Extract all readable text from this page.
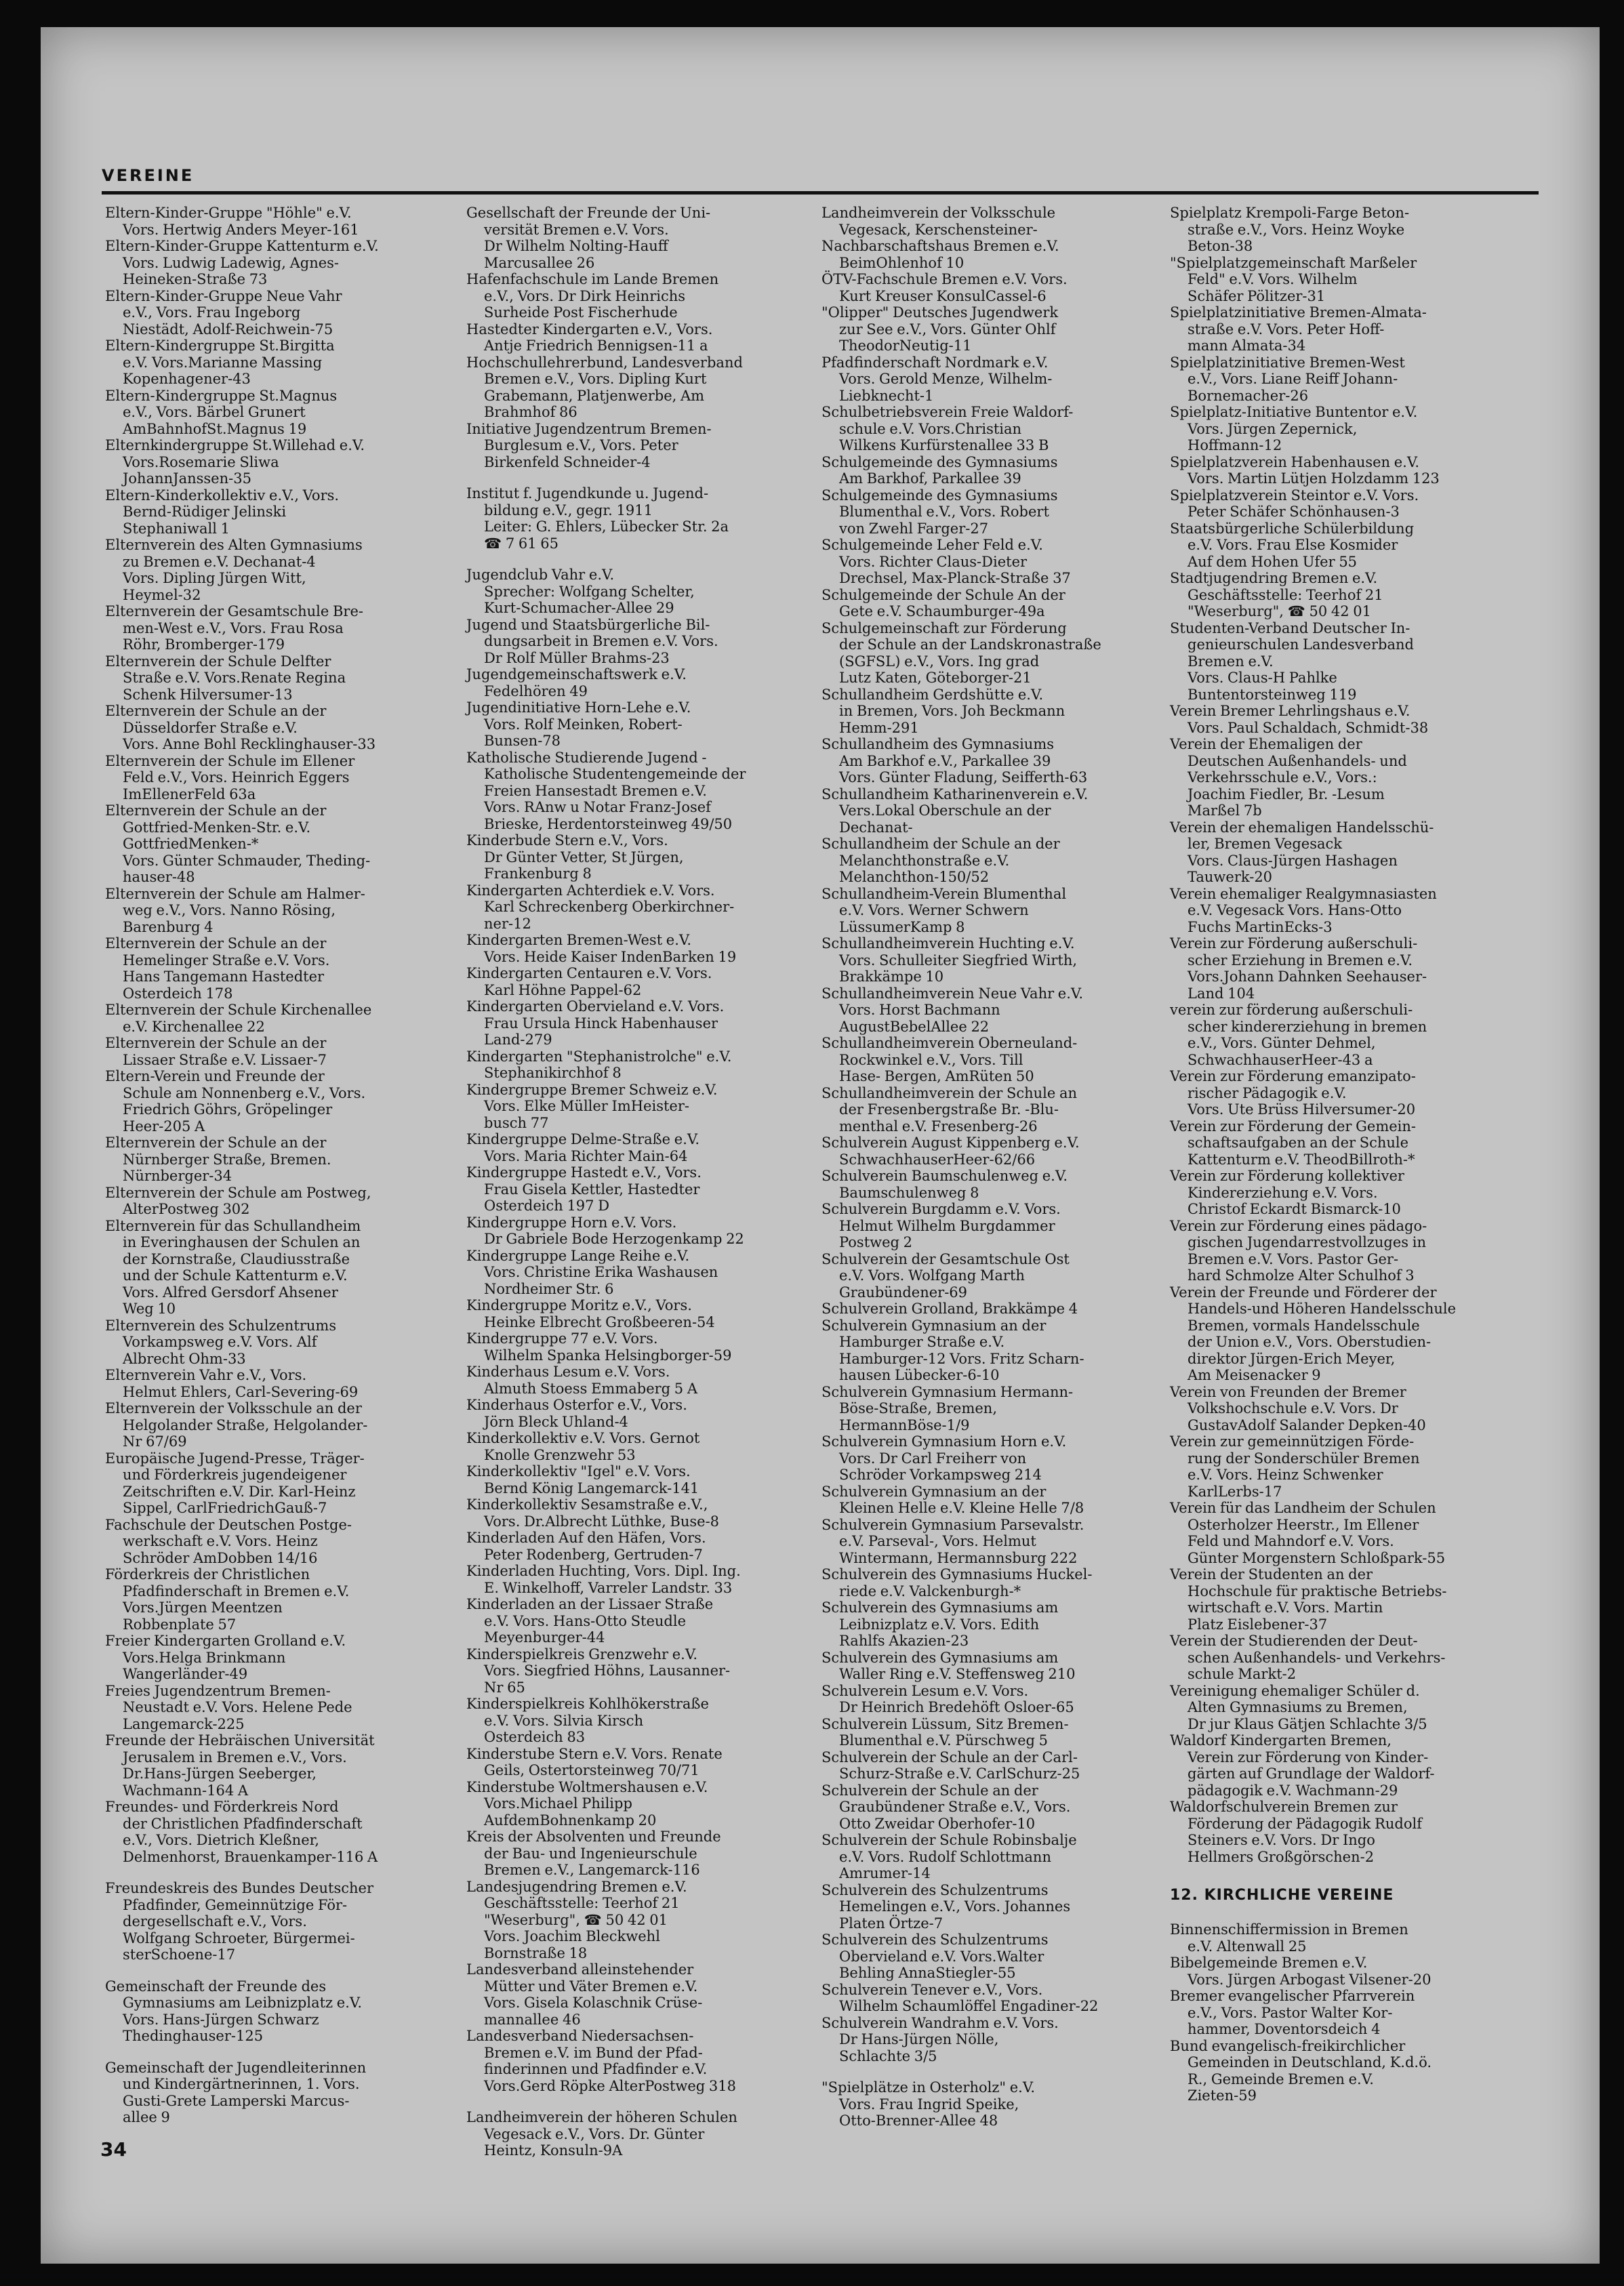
VEREINE
Eltern-Kinder-Gruppe "Höhle" e.V.
Vors. Hertwig Anders Meyer-161
Eltern-Kinder-Gruppe Kattenturm e.V.
Vors. Ludwig Ladewig, Agnes-
Heineken-Straße 73
Eltern-Kinder-Gruppe Neue Vahr
e.V., Vors. Frau Ingeborg
Niestädt, Adolf-Reichwein-75
Eltern-Kindergruppe St.Birgitta
e.V. Vors.Marianne Massing
Kopenhagener-43
Eltern-Kindergruppe St.Magnus
e.V., Vors. Bärbel Grunert
AmBahnhofSt.Magnus 19
Elternkindergruppe St.Willehad e.V.
Vors.Rosemarie Sliwa
JohannJanssen-35
Eltern-Kinderkollektiv e.V., Vors.
Bernd-Rüdiger Jelinski
Stephaniwall 1
Elternverein des Alten Gymnasiums
zu Bremen e.V. Dechanat-4
Vors. Dipling Jürgen Witt,
Heymel-32
Elternverein der Gesamtschule Bre-
men-West e.V., Vors. Frau Rosa
Röhr, Bromberger-179
Elternverein der Schule Delfter
Straße e.V. Vors.Renate Regina
Schenk Hilversumer-13
Elternverein der Schule an der
Düsseldorfer Straße e.V.
Vors. Anne Bohl Recklinghauser-33
Elternverein der Schule im Ellener
Feld e.V., Vors. Heinrich Eggers
ImEllenerFeld 63a
Elternverein der Schule an der
Gottfried-Menken-Str. e.V.
GottfriedMenken-*
Vors. Günter Schmauder, Theding-
hauser-48
Elternverein der Schule am Halmer-
weg e.V., Vors. Nanno Rösing,
Barenburg 4
Elternverein der Schule an der
Hemelinger Straße e.V. Vors.
Hans Tangemann Hastedter
Osterdeich 178
Elternverein der Schule Kirchenallee
e.V. Kirchenallee 22
Elternverein der Schule an der
Lissaer Straße e.V. Lissaer-7
Eltern-Verein und Freunde der
Schule am Nonnenberg e.V., Vors.
Friedrich Göhrs, Gröpelinger
Heer-205 A
Elternverein der Schule an der
Nürnberger Straße, Bremen.
Nürnberger-34
Elternverein der Schule am Postweg,
AlterPostweg 302
Elternverein für das Schullandheim
in Everinghausen der Schulen an
der Kornstraße, Claudiusstraße
und der Schule Kattenturm e.V.
Vors. Alfred Gersdorf Ahsener
Weg 10
Elternverein des Schulzentrums
Vorkampsweg e.V. Vors. Alf
Albrecht Ohm-33
Elternverein Vahr e.V., Vors.
Helmut Ehlers, Carl-Severing-69
Elternverein der Volksschule an der
Helgolander Straße, Helgolander-
Nr 67/69
Europäische Jugend-Presse, Träger-
und Förderkreis jugendeigener
Zeitschriften e.V. Dir. Karl-Heinz
Sippel, CarlFriedrichGauß-7
Fachschule der Deutschen Postge-
werkschaft e.V. Vors. Heinz
Schröder AmDobben 14/16
Förderkreis der Christlichen
Pfadfinderschaft in Bremen e.V.
Vors.Jürgen Meentzen
Robbenplate 57
Freier Kindergarten Grolland e.V.
Vors.Helga Brinkmann
Wangerländer-49
Freies Jugendzentrum Bremen-
Neustadt e.V. Vors. Helene Pede
Langemarck-225
Freunde der Hebräischen Universität
Jerusalem in Bremen e.V., Vors.
Dr.Hans-Jürgen Seeberger,
Wachmann-164 A
Freundes- und Förderkreis Nord
der Christlichen Pfadfinderschaft
e.V., Vors. Dietrich Kleßner,
Delmenhorst, Brauenkamper-116 A
Freundeskreis des Bundes Deutscher
Pfadfinder, Gemeinnützige För-
dergesellschaft e.V., Vors.
Wolfgang Schroeter, Bürgermei-
sterSchoene-17
Gemeinschaft der Freunde des
Gymnasiums am Leibnizplatz e.V.
Vors. Hans-Jürgen Schwarz
Thedinghauser-125
Gemeinschaft der Jugendleiterinnen
und Kindergärtnerinnen, 1. Vors.
Gusti-Grete Lamperski Marcus-
allee 9
Gesellschaft der Freunde der Uni-
versität Bremen e.V. Vors.
Dr Wilhelm Nolting-Hauff
Marcusallee 26
Hafenfachschule im Lande Bremen
e.V., Vors. Dr Dirk Heinrichs
Surheide Post Fischerhude
Hastedter Kindergarten e.V., Vors.
Antje Friedrich Bennigsen-11 a
Hochschullehrerbund, Landesverband
Bremen e.V., Vors. Dipling Kurt
Grabemann, Platjenwerbe, Am
Brahmhof 86
Initiative Jugendzentrum Bremen-
Burglesum e.V., Vors. Peter
Birkenfeld Schneider-4
Institut f. Jugendkunde u. Jugend-
bildung e.V., gegr. 1911
Leiter: G. Ehlers, Lübecker Str. 2a
☎ 7 61 65
Jugendclub Vahr e.V.
Sprecher: Wolfgang Schelter,
Kurt-Schumacher-Allee 29
Jugend und Staatsbürgerliche Bil-
dungsarbeit in Bremen e.V. Vors.
Dr Rolf Müller Brahms-23
Jugendgemeinschaftswerk e.V.
Fedelhören 49
Jugendinitiative Horn-Lehe e.V.
Vors. Rolf Meinken, Robert-
Bunsen-78
Katholische Studierende Jugend -
Katholische Studentengemeinde der
Freien Hansestadt Bremen e.V.
Vors. RAnw u Notar Franz-Josef
Brieske, Herdentorsteinweg 49/50
Kinderbude Stern e.V., Vors.
Dr Günter Vetter, St Jürgen,
Frankenburg 8
Kindergarten Achterdiek e.V. Vors.
Karl Schreckenberg Oberkirchner-
ner-12
Kindergarten Bremen-West e.V.
Vors. Heide Kaiser IndenBarken 19
Kindergarten Centauren e.V. Vors.
Karl Höhne Pappel-62
Kindergarten Obervieland e.V. Vors.
Frau Ursula Hinck Habenhauser
Land-279
Kindergarten "Stephanistrolche" e.V.
Stephanikirchhof 8
Kindergruppe Bremer Schweiz e.V.
Vors. Elke Müller ImHeister-
busch 77
Kindergruppe Delme-Straße e.V.
Vors. Maria Richter Main-64
Kindergruppe Hastedt e.V., Vors.
Frau Gisela Kettler, Hastedter
Osterdeich 197 D
Kindergruppe Horn e.V. Vors.
Dr Gabriele Bode Herzogenkamp 22
Kindergruppe Lange Reihe e.V.
Vors. Christine Erika Washausen
Nordheimer Str. 6
Kindergruppe Moritz e.V., Vors.
Heinke Elbrecht Großbeeren-54
Kindergruppe 77 e.V. Vors.
Wilhelm Spanka Helsingborger-59
Kinderhaus Lesum e.V. Vors.
Almuth Stoess Emmaberg 5 A
Kinderhaus Osterfor e.V., Vors.
Jörn Bleck Uhland-4
Kinderkollektiv e.V. Vors. Gernot
Knolle Grenzwehr 53
Kinderkollektiv "Igel" e.V. Vors.
Bernd König Langemarck-141
Kinderkollektiv Sesamstraße e.V.,
Vors. Dr.Albrecht Lüthke, Buse-8
Kinderladen Auf den Häfen, Vors.
Peter Rodenberg, Gertruden-7
Kinderladen Huchting, Vors. Dipl. Ing.
E. Winkelhoff, Varreler Landstr. 33
Kinderladen an der Lissaer Straße
e.V. Vors. Hans-Otto Steudle
Meyenburger-44
Kinderspielkreis Grenzwehr e.V.
Vors. Siegfried Höhns, Lausanner-
Nr 65
Kinderspielkreis Kohlhökerstraße
e.V. Vors. Silvia Kirsch
Osterdeich 83
Kinderstube Stern e.V. Vors. Renate
Geils, Ostertorsteinweg 70/71
Kinderstube Woltmershausen e.V.
Vors.Michael Philipp
AufdemBohnenkamp 20
Kreis der Absolventen und Freunde
der Bau- und Ingenieurschule
Bremen e.V., Langemarck-116
Landesjugendring Bremen e.V.
Geschäftsstelle: Teerhof 21
"Weserburg", ☎ 50 42 01
Vors. Joachim Bleckwehl
Bornstraße 18
Landesverband alleinstehender
Mütter und Väter Bremen e.V.
Vors. Gisela Kolaschnik Crüse-
mannallee 46
Landesverband Niedersachsen-
Bremen e.V. im Bund der Pfad-
finderinnen und Pfadfinder e.V.
Vors.Gerd Röpke AlterPostweg 318
Landheimverein der höheren Schulen
Vegesack e.V., Vors. Dr. Günter
Heintz, Konsuln-9A
Landheimverein der Volksschule
Vegesack, Kerschensteiner-
Nachbarschaftshaus Bremen e.V.
BeimOhlenhof 10
ÖTV-Fachschule Bremen e.V. Vors.
Kurt Kreuser KonsulCassel-6
"Olipper" Deutsches Jugendwerk
zur See e.V., Vors. Günter Ohlf
TheodorNeutig-11
Pfadfinderschaft Nordmark e.V.
Vors. Gerold Menze, Wilhelm-
Liebknecht-1
Schulbetriebsverein Freie Waldorf-
schule e.V. Vors.Christian
Wilkens Kurfürstenallee 33 B
Schulgemeinde des Gymnasiums
Am Barkhof, Parkallee 39
Schulgemeinde des Gymnasiums
Blumenthal e.V., Vors. Robert
von Zwehl Farger-27
Schulgemeinde Leher Feld e.V.
Vors. Richter Claus-Dieter
Drechsel, Max-Planck-Straße 37
Schulgemeinde der Schule An der
Gete e.V. Schaumburger-49a
Schulgemeinschaft zur Förderung
der Schule an der Landskronastraße
(SGFSL) e.V., Vors. Ing grad
Lutz Katen, Göteborger-21
Schullandheim Gerdshütte e.V.
in Bremen, Vors. Joh Beckmann
Hemm-291
Schullandheim des Gymnasiums
Am Barkhof e.V., Parkallee 39
Vors. Günter Fladung, Seifferth-63
Schullandheim Katharinenverein e.V.
Vers.Lokal Oberschule an der
Dechanat-
Schullandheim der Schule an der
Melanchthonstraße e.V.
Melanchthon-150/52
Schullandheim-Verein Blumenthal
e.V. Vors. Werner Schwern
LüssumerKamp 8
Schullandheimverein Huchting e.V.
Vors. Schulleiter Siegfried Wirth,
Brakkämpe 10
Schullandheimverein Neue Vahr e.V.
Vors. Horst Bachmann
AugustBebelAllee 22
Schullandheimverein Oberneuland-
Rockwinkel e.V., Vors. Till
Hase- Bergen, AmRüten 50
Schullandheimverein der Schule an
der Fresenbergstraße Br. -Blu-
menthal e.V. Fresenberg-26
Schulverein August Kippenberg e.V.
SchwachhauserHeer-62/66
Schulverein Baumschulenweg e.V.
Baumschulenweg 8
Schulverein Burgdamm e.V. Vors.
Helmut Wilhelm Burgdammer
Postweg 2
Schulverein der Gesamtschule Ost
e.V. Vors. Wolfgang Marth
Graubündener-69
Schulverein Grolland, Brakkämpe 4
Schulverein Gymnasium an der
Hamburger Straße e.V.
Hamburger-12 Vors. Fritz Scharn-
hausen Lübecker-6-10
Schulverein Gymnasium Hermann-
Böse-Straße, Bremen,
HermannBöse-1/9
Schulverein Gymnasium Horn e.V.
Vors. Dr Carl Freiherr von
Schröder Vorkampsweg 214
Schulverein Gymnasium an der
Kleinen Helle e.V. Kleine Helle 7/8
Schulverein Gymnasium Parsevalstr.
e.V. Parseval-, Vors. Helmut
Wintermann, Hermannsburg 222
Schulverein des Gymnasiums Huckel-
riede e.V. Valckenburgh-*
Schulverein des Gymnasiums am
Leibnizplatz e.V. Vors. Edith
Rahlfs Akazien-23
Schulverein des Gymnasiums am
Waller Ring e.V. Steffensweg 210
Schulverein Lesum e.V. Vors.
Dr Heinrich Bredehöft Osloer-65
Schulverein Lüssum, Sitz Bremen-
Blumenthal e.V. Pürschweg 5
Schulverein der Schule an der Carl-
Schurz-Straße e.V. CarlSchurz-25
Schulverein der Schule an der
Graubündener Straße e.V., Vors.
Otto Zweidar Oberhofer-10
Schulverein der Schule Robinsbalje
e.V. Vors. Rudolf Schlottmann
Amrumer-14
Schulverein des Schulzentrums
Hemelingen e.V., Vors. Johannes
Platen Örtze-7
Schulverein des Schulzentrums
Obervieland e.V. Vors.Walter
Behling AnnaStiegler-55
Schulverein Tenever e.V., Vors.
Wilhelm Schaumlöffel Engadiner-22
Schulverein Wandrahm e.V. Vors.
Dr Hans-Jürgen Nölle,
Schlachte 3/5
"Spielplätze in Osterholz" e.V.
Vors. Frau Ingrid Speike,
Otto-Brenner-Allee 48
Spielplatz Krempoli-Farge Beton-
straße e.V., Vors. Heinz Woyke
Beton-38
"Spielplatzgemeinschaft Marßeler
Feld" e.V. Vors. Wilhelm
Schäfer Pölitzer-31
Spielplatzinitiative Bremen-Almata-
straße e.V. Vors. Peter Hoff-
mann Almata-34
Spielplatzinitiative Bremen-West
e.V., Vors. Liane Reiff Johann-
Bornemacher-26
Spielplatz-Initiative Buntentor e.V.
Vors. Jürgen Zepernick,
Hoffmann-12
Spielplatzverein Habenhausen e.V.
Vors. Martin Lütjen Holzdamm 123
Spielplatzverein Steintor e.V. Vors.
Peter Schäfer Schönhausen-3
Staatsbürgerliche Schülerbildung
e.V. Vors. Frau Else Kosmider
Auf dem Hohen Ufer 55
Stadtjugendring Bremen e.V.
Geschäftsstelle: Teerhof 21
"Weserburg", ☎ 50 42 01
Studenten-Verband Deutscher In-
genieurschulen Landesverband
Bremen e.V.
Vors. Claus-H Pahlke
Buntentorsteinweg 119
Verein Bremer Lehrlingshaus e.V.
Vors. Paul Schaldach, Schmidt-38
Verein der Ehemaligen der
Deutschen Außenhandels- und
Verkehrsschule e.V., Vors.:
Joachim Fiedler, Br. -Lesum
Marßel 7b
Verein der ehemaligen Handelsschü-
ler, Bremen Vegesack
Vors. Claus-Jürgen Hashagen
Tauwerk-20
Verein ehemaliger Realgymnasiasten
e.V. Vegesack Vors. Hans-Otto
Fuchs MartinEcks-3
Verein zur Förderung außerschuli-
scher Erziehung in Bremen e.V.
Vors.Johann Dahnken Seehauser-
Land 104
verein zur förderung außerschuli-
scher kindererziehung in bremen
e.V., Vors. Günter Dehmel,
SchwachhauserHeer-43 a
Verein zur Förderung emanzipato-
rischer Pädagogik e.V.
Vors. Ute Brüss Hilversumer-20
Verein zur Förderung der Gemein-
schaftsaufgaben an der Schule
Kattenturm e.V. TheodBillroth-*
Verein zur Förderung kollektiver
Kindererziehung e.V. Vors.
Christof Eckardt Bismarck-10
Verein zur Förderung eines pädago-
gischen Jugendarrestvollzuges in
Bremen e.V. Vors. Pastor Ger-
hard Schmolze Alter Schulhof 3
Verein der Freunde und Förderer der
Handels-und Höheren Handelsschule
Bremen, vormals Handelsschule
der Union e.V., Vors. Oberstudien-
direktor Jürgen-Erich Meyer,
Am Meisenacker 9
Verein von Freunden der Bremer
Volkshochschule e.V. Vors. Dr
GustavAdolf Salander Depken-40
Verein zur gemeinnützigen Förde-
rung der Sonderschüler Bremen
e.V. Vors. Heinz Schwenker
KarlLerbs-17
Verein für das Landheim der Schulen
Osterholzer Heerstr., Im Ellener
Feld und Mahndorf e.V. Vors.
Günter Morgenstern Schloßpark-55
Verein der Studenten an der
Hochschule für praktische Betriebs-
wirtschaft e.V. Vors. Martin
Platz Eislebener-37
Verein der Studierenden der Deut-
schen Außenhandels- und Verkehrs-
schule Markt-2
Vereinigung ehemaliger Schüler d.
Alten Gymnasiums zu Bremen,
Dr jur Klaus Gätjen Schlachte 3/5
Waldorf Kindergarten Bremen,
Verein zur Förderung von Kinder-
gärten auf Grundlage der Waldorf-
pädagogik e.V. Wachmann-29
Waldorfschulverein Bremen zur
Förderung der Pädagogik Rudolf
Steiners e.V. Vors. Dr Ingo
Hellmers Großgörschen-2
12. KIRCHLICHE VEREINE
Binnenschiffermission in Bremen
e.V. Altenwall 25
Bibelgemeinde Bremen e.V.
Vors. Jürgen Arbogast Vilsener-20
Bremer evangelischer Pfarrverein
e.V., Vors. Pastor Walter Kor-
hammer, Doventorsdeich 4
Bund evangelisch-freikirchlicher
Gemeinden in Deutschland, K.d.ö.
R., Gemeinde Bremen e.V.
Zieten-59
34
